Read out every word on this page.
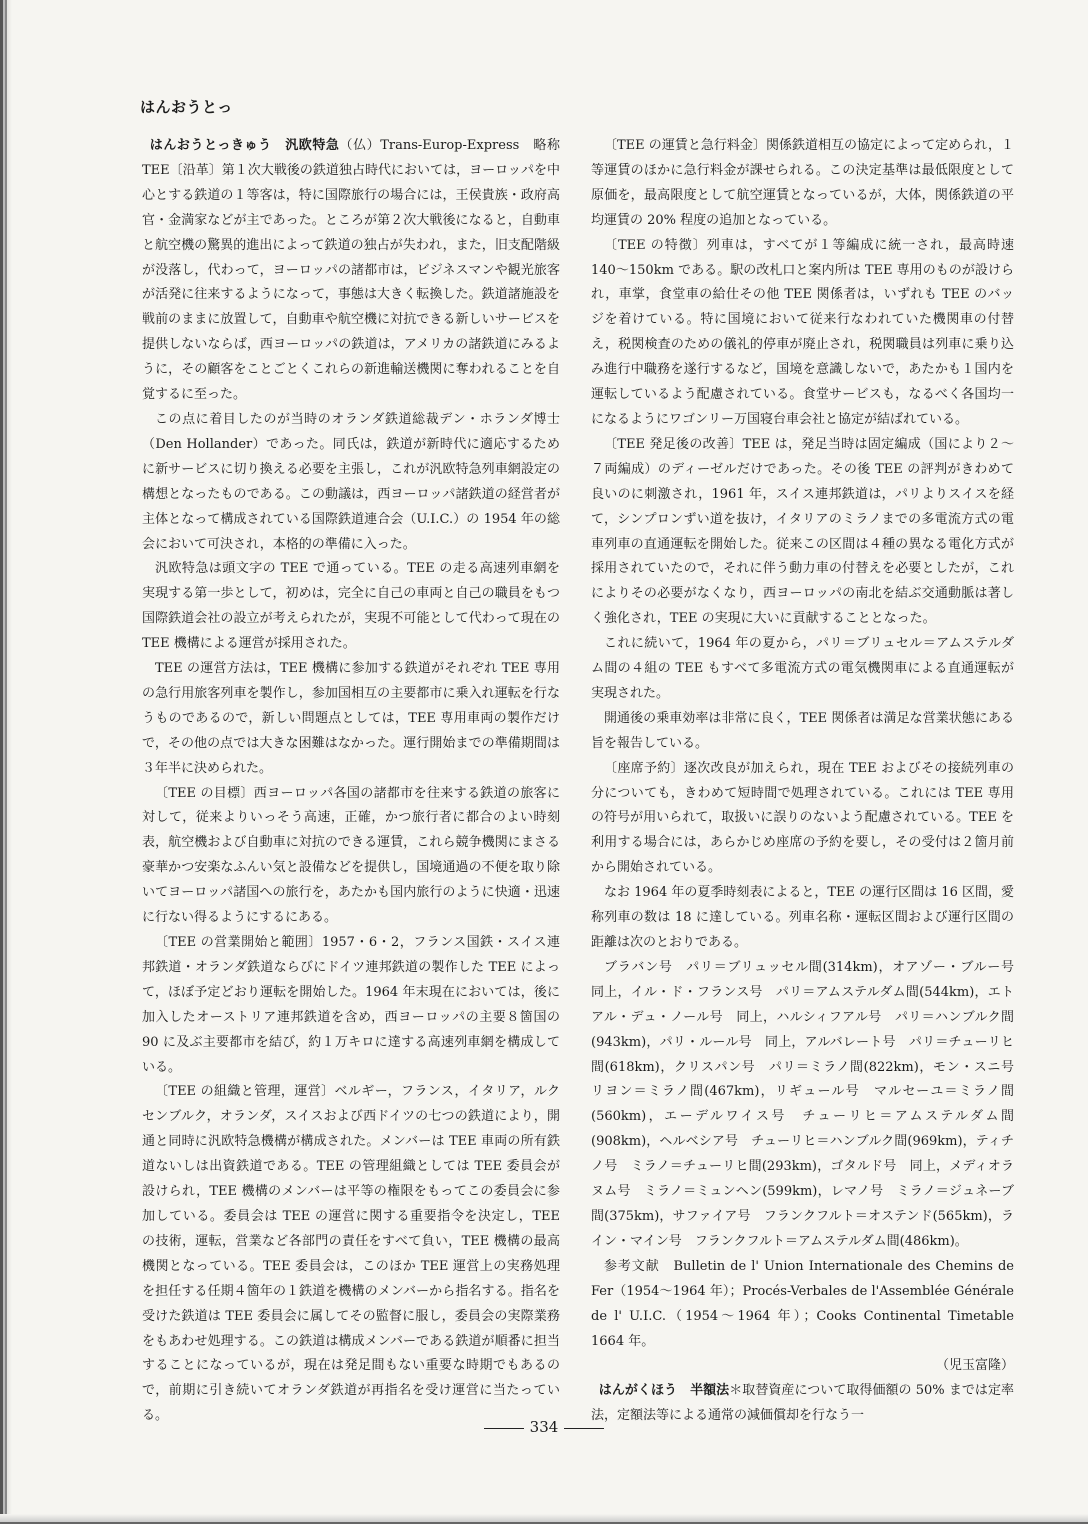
はんおうとっ

はんおうとっきゅう　汎欧特急（仏）Trans-Europ-Express　略称 TEE〔沿革〕第１次大戦後の鉄道独占時代においては，ヨーロッパを中心とする鉄道の１等客は，特に国際旅行の場合には，王侯貴族・政府高官・金満家などが主であった。ところが第２次大戦後になると，自動車と航空機の驚異的進出によって鉄道の独占が失われ，また，旧支配階級が没落し，代わって，ヨーロッパの諸都市は，ビジネスマンや観光旅客が活発に往来するようになって，事態は大きく転換した。鉄道諸施設を戦前のままに放置して，自動車や航空機に対抗できる新しいサービスを提供しないならば，西ヨーロッパの鉄道は，アメリカの諸鉄道にみるように，その顧客をことごとくこれらの新進輸送機関に奪われることを自覚するに至った。

この点に着目したのが当時のオランダ鉄道総裁デン・ホランダ博士（Den Hollander）であった。同氏は，鉄道が新時代に適応するために新サービスに切り換える必要を主張し，これが汎欧特急列車網設定の構想となったものである。この動議は，西ヨーロッパ諸鉄道の経営者が主体となって構成されている国際鉄道連合会（U.I.C.）の 1954 年の総会において可決され，本格的の準備に入った。

汎欧特急は頭文字の TEE で通っている。TEE の走る高速列車網を実現する第一歩として，初めは，完全に自己の車両と自己の職員をもつ国際鉄道会社の設立が考えられたが，実現不可能として代わって現在の TEE 機構による運営が採用された。

TEE の運営方法は，TEE 機構に参加する鉄道がそれぞれ TEE 専用の急行用旅客列車を製作し，参加国相互の主要都市に乗入れ運転を行なうものであるので，新しい問題点としては，TEE 専用車両の製作だけで，その他の点では大きな困難はなかった。運行開始までの準備期間は３年半に決められた。

〔TEE の目標〕西ヨーロッパ各国の諸都市を往来する鉄道の旅客に対して，従来よりいっそう高速，正確，かつ旅行者に都合のよい時刻表，航空機および自動車に対抗のできる運賃，これら競争機関にまさる豪華かつ安楽なふんい気と設備などを提供し，国境通過の不便を取り除いてヨーロッパ諸国への旅行を，あたかも国内旅行のように快適・迅速に行ない得るようにするにある。

〔TEE の営業開始と範囲〕1957・6・2，フランス国鉄・スイス連邦鉄道・オランダ鉄道ならびにドイツ連邦鉄道の製作した TEE によって，ほぼ予定どおり運転を開始した。1964 年末現在においては，後に加入したオーストリア連邦鉄道を含め，西ヨーロッパの主要８箇国の 90 に及ぶ主要都市を結び，約１万キロに達する高速列車網を構成している。

〔TEE の組織と管理，運営〕ベルギー，フランス，イタリア，ルクセンブルク，オランダ，スイスおよび西ドイツの七つの鉄道により，開通と同時に汎欧特急機構が構成された。メンバーは TEE 車両の所有鉄道ないしは出資鉄道である。TEE の管理組織としては TEE 委員会が設けられ，TEE 機構のメンバーは平等の権限をもってこの委員会に参加している。委員会は TEE の運営に関する重要指令を決定し，TEE の技術，運転，営業など各部門の責任をすべて負い，TEE 機構の最高機関となっている。TEE 委員会は，このほか TEE 運営上の実務処理を担任する任期４箇年の１鉄道を機構のメンバーから指名する。指名を受けた鉄道は TEE 委員会に属してその監督に服し，委員会の実際業務をもあわせ処理する。この鉄道は構成メンバーである鉄道が順番に担当することになっているが，現在は発足間もない重要な時期でもあるので，前期に引き続いてオランダ鉄道が再指名を受け運営に当たっている。

〔TEE の運賃と急行料金〕関係鉄道相互の協定によって定められ，１等運賃のほかに急行料金が課せられる。この決定基準は最低限度として原価を，最高限度として航空運賃となっているが，大体，関係鉄道の平均運賃の 20% 程度の追加となっている。

〔TEE の特徴〕列車は，すべてが１等編成に統一され，最高時速 140～150km である。駅の改札口と案内所は TEE 専用のものが設けられ，車掌，食堂車の給仕その他 TEE 関係者は，いずれも TEE のバッジを着けている。特に国境において従来行なわれていた機関車の付替え，税関検査のための儀礼的停車が廃止され，税関職員は列車に乗り込み進行中職務を遂行するなど，国境を意識しないで，あたかも１国内を運転しているよう配慮されている。食堂サービスも，なるべく各国均一になるようにワゴンリー万国寝台車会社と協定が結ばれている。

〔TEE 発足後の改善〕TEE は，発足当時は固定編成（国により２～７両編成）のディーゼルだけであった。その後 TEE の評判がきわめて良いのに刺激され，1961 年，スイス連邦鉄道は，パリよりスイスを経て，シンプロンずい道を抜け，イタリアのミラノまでの多電流方式の電車列車の直通運転を開始した。従来この区間は４種の異なる電化方式が採用されていたので，それに伴う動力車の付替えを必要としたが，これによりその必要がなくなり，西ヨーロッパの南北を結ぶ交通動脈は著しく強化され，TEE の実現に大いに貢献することとなった。

これに続いて，1964 年の夏から，パリ＝ブリュセル＝アムステルダム間の４組の TEE もすべて多電流方式の電気機関車による直通運転が実現された。

開通後の乗車効率は非常に良く，TEE 関係者は満足な営業状態にある旨を報告している。

〔座席予約〕逐次改良が加えられ，現在 TEE およびその接続列車の分についても，きわめて短時間で処理されている。これには TEE 専用の符号が用いられて，取扱いに誤りのないよう配慮されている。TEE を利用する場合には，あらかじめ座席の予約を要し，その受付は２箇月前から開始されている。

なお 1964 年の夏季時刻表によると，TEE の運行区間は 16 区間，愛称列車の数は 18 に達している。列車名称・運転区間および運行区間の距離は次のとおりである。

ブラバン号　パリ＝ブリュッセル間(314km)，オアゾー・ブルー号　同上，イル・ド・フランス号　パリ＝アムステルダム間(544km)，エトアル・デュ・ノール号　同上，ハルシィフアル号　パリ＝ハンブルク間(943km)，パリ・ルール号　同上，アルバレート号　パリ＝チューリヒ間(618km)，クリスパン号　パリ＝ミラノ間(822km)，モン・スニ号　リヨン＝ミラノ間(467km)，リギュール号　マルセーユ＝ミラノ間(560km)，エーデルワイス号　チューリヒ＝アムステルダム間(908km)，ヘルベシア号　チューリヒ＝ハンブルク間(969km)，ティチノ号　ミラノ＝チューリヒ間(293km)，ゴタルド号　同上，メディオラヌム号　ミラノ＝ミュンヘン(599km)，レマノ号　ミラノ＝ジュネーブ間(375km)，サファイア号　フランクフルト＝オステンド(565km)，ライン・マイン号　フランクフルト＝アムステルダム間(486km)。

参考文献　Bulletin de l' Union Internationale des Chemins de Fer（1954～1964 年）；Procés-Verbales de l'Assemblée Générale de l' U.I.C.（1954～1964 年）；Cooks Continental Timetable 1664 年。
（児玉富隆）

はんがくほう　半額法＊取替資産について取得価額の 50% までは定率法，定額法等による通常の減価償却を行なう一

334
